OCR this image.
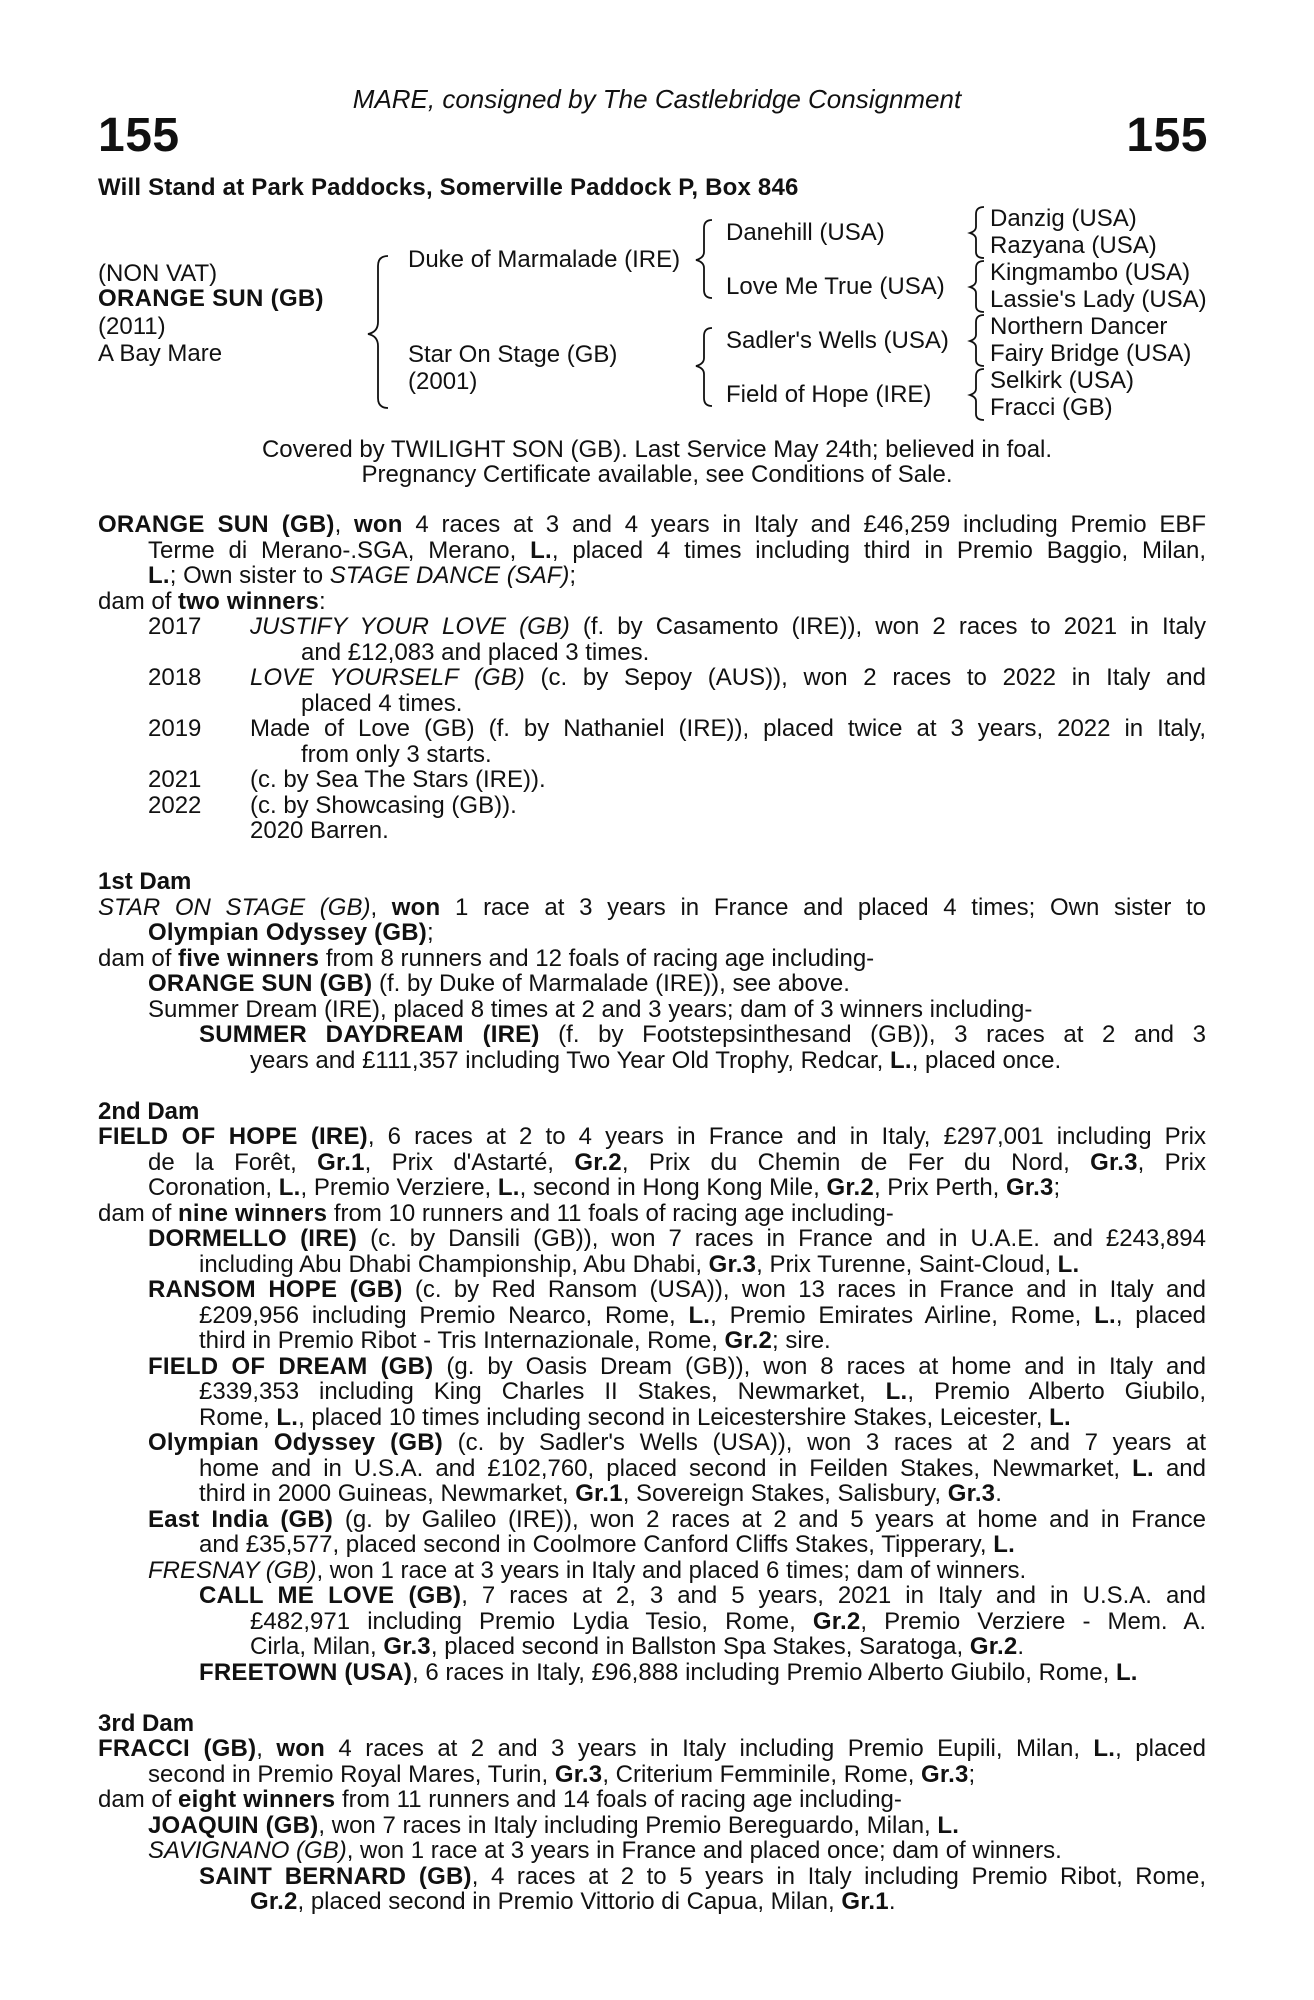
MARE, consigned by The Castlebridge Consignment
155	155
Will Stand at Park Paddocks, Somerville Paddock P, Box 846
(NON VAT)
ORANGE SUN (GB)
(2011)
A Bay Mare
Duke of Marmalade (IRE)
Star On Stage (GB)
(2001)
Danehill (USA)
Love Me True (USA)
Sadler's Wells (USA)
Field of Hope (IRE)
Danzig (USA)
Razyana (USA)
Kingmambo (USA)
Lassie's Lady (USA)
Northern Dancer
Fairy Bridge (USA)
Selkirk (USA)
Fracci (GB)
Covered by TWILIGHT SON (GB). Last Service May 24th; believed in foal.
Pregnancy Certificate available, see Conditions of Sale.
ORANGE SUN (GB), won 4 races at 3 and 4 years in Italy and £46,259 including Premio EBF
Terme di Merano-.SGA, Merano, L., placed 4 times including third in Premio Baggio, Milan,
L.; Own sister to STAGE DANCE (SAF);
dam of two winners:
2017 JUSTIFY YOUR LOVE (GB) (f. by Casamento (IRE)), won 2 races to 2021 in Italy
and £12,083 and placed 3 times.
2018 LOVE YOURSELF (GB) (c. by Sepoy (AUS)), won 2 races to 2022 in Italy and
placed 4 times.
2019 Made of Love (GB) (f. by Nathaniel (IRE)), placed twice at 3 years, 2022 in Italy,
from only 3 starts.
2021 (c. by Sea The Stars (IRE)).
2022 (c. by Showcasing (GB)).
2020 Barren.
1st Dam
STAR ON STAGE (GB), won 1 race at 3 years in France and placed 4 times; Own sister to
Olympian Odyssey (GB);
dam of five winners from 8 runners and 12 foals of racing age including-
ORANGE SUN (GB) (f. by Duke of Marmalade (IRE)), see above.
Summer Dream (IRE), placed 8 times at 2 and 3 years; dam of 3 winners including-
SUMMER DAYDREAM (IRE) (f. by Footstepsinthesand (GB)), 3 races at 2 and 3
years and £111,357 including Two Year Old Trophy, Redcar, L., placed once.
2nd Dam
FIELD OF HOPE (IRE), 6 races at 2 to 4 years in France and in Italy, £297,001 including Prix
de la Forêt, Gr.1, Prix d'Astarté, Gr.2, Prix du Chemin de Fer du Nord, Gr.3, Prix
Coronation, L., Premio Verziere, L., second in Hong Kong Mile, Gr.2, Prix Perth, Gr.3;
dam of nine winners from 10 runners and 11 foals of racing age including-
DORMELLO (IRE) (c. by Dansili (GB)), won 7 races in France and in U.A.E. and £243,894
including Abu Dhabi Championship, Abu Dhabi, Gr.3, Prix Turenne, Saint-Cloud, L.
RANSOM HOPE (GB) (c. by Red Ransom (USA)), won 13 races in France and in Italy and
£209,956 including Premio Nearco, Rome, L., Premio Emirates Airline, Rome, L., placed
third in Premio Ribot - Tris Internazionale, Rome, Gr.2; sire.
FIELD OF DREAM (GB) (g. by Oasis Dream (GB)), won 8 races at home and in Italy and
£339,353 including King Charles II Stakes, Newmarket, L., Premio Alberto Giubilo,
Rome, L., placed 10 times including second in Leicestershire Stakes, Leicester, L.
Olympian Odyssey (GB) (c. by Sadler's Wells (USA)), won 3 races at 2 and 7 years at
home and in U.S.A. and £102,760, placed second in Feilden Stakes, Newmarket, L. and
third in 2000 Guineas, Newmarket, Gr.1, Sovereign Stakes, Salisbury, Gr.3.
East India (GB) (g. by Galileo (IRE)), won 2 races at 2 and 5 years at home and in France
and £35,577, placed second in Coolmore Canford Cliffs Stakes, Tipperary, L.
FRESNAY (GB), won 1 race at 3 years in Italy and placed 6 times; dam of winners.
CALL ME LOVE (GB), 7 races at 2, 3 and 5 years, 2021 in Italy and in U.S.A. and
£482,971 including Premio Lydia Tesio, Rome, Gr.2, Premio Verziere - Mem. A.
Cirla, Milan, Gr.3, placed second in Ballston Spa Stakes, Saratoga, Gr.2.
FREETOWN (USA), 6 races in Italy, £96,888 including Premio Alberto Giubilo, Rome, L.
3rd Dam
FRACCI (GB), won 4 races at 2 and 3 years in Italy including Premio Eupili, Milan, L., placed
second in Premio Royal Mares, Turin, Gr.3, Criterium Femminile, Rome, Gr.3;
dam of eight winners from 11 runners and 14 foals of racing age including-
JOAQUIN (GB), won 7 races in Italy including Premio Bereguardo, Milan, L.
SAVIGNANO (GB), won 1 race at 3 years in France and placed once; dam of winners.
SAINT BERNARD (GB), 4 races at 2 to 5 years in Italy including Premio Ribot, Rome,
Gr.2, placed second in Premio Vittorio di Capua, Milan, Gr.1.
